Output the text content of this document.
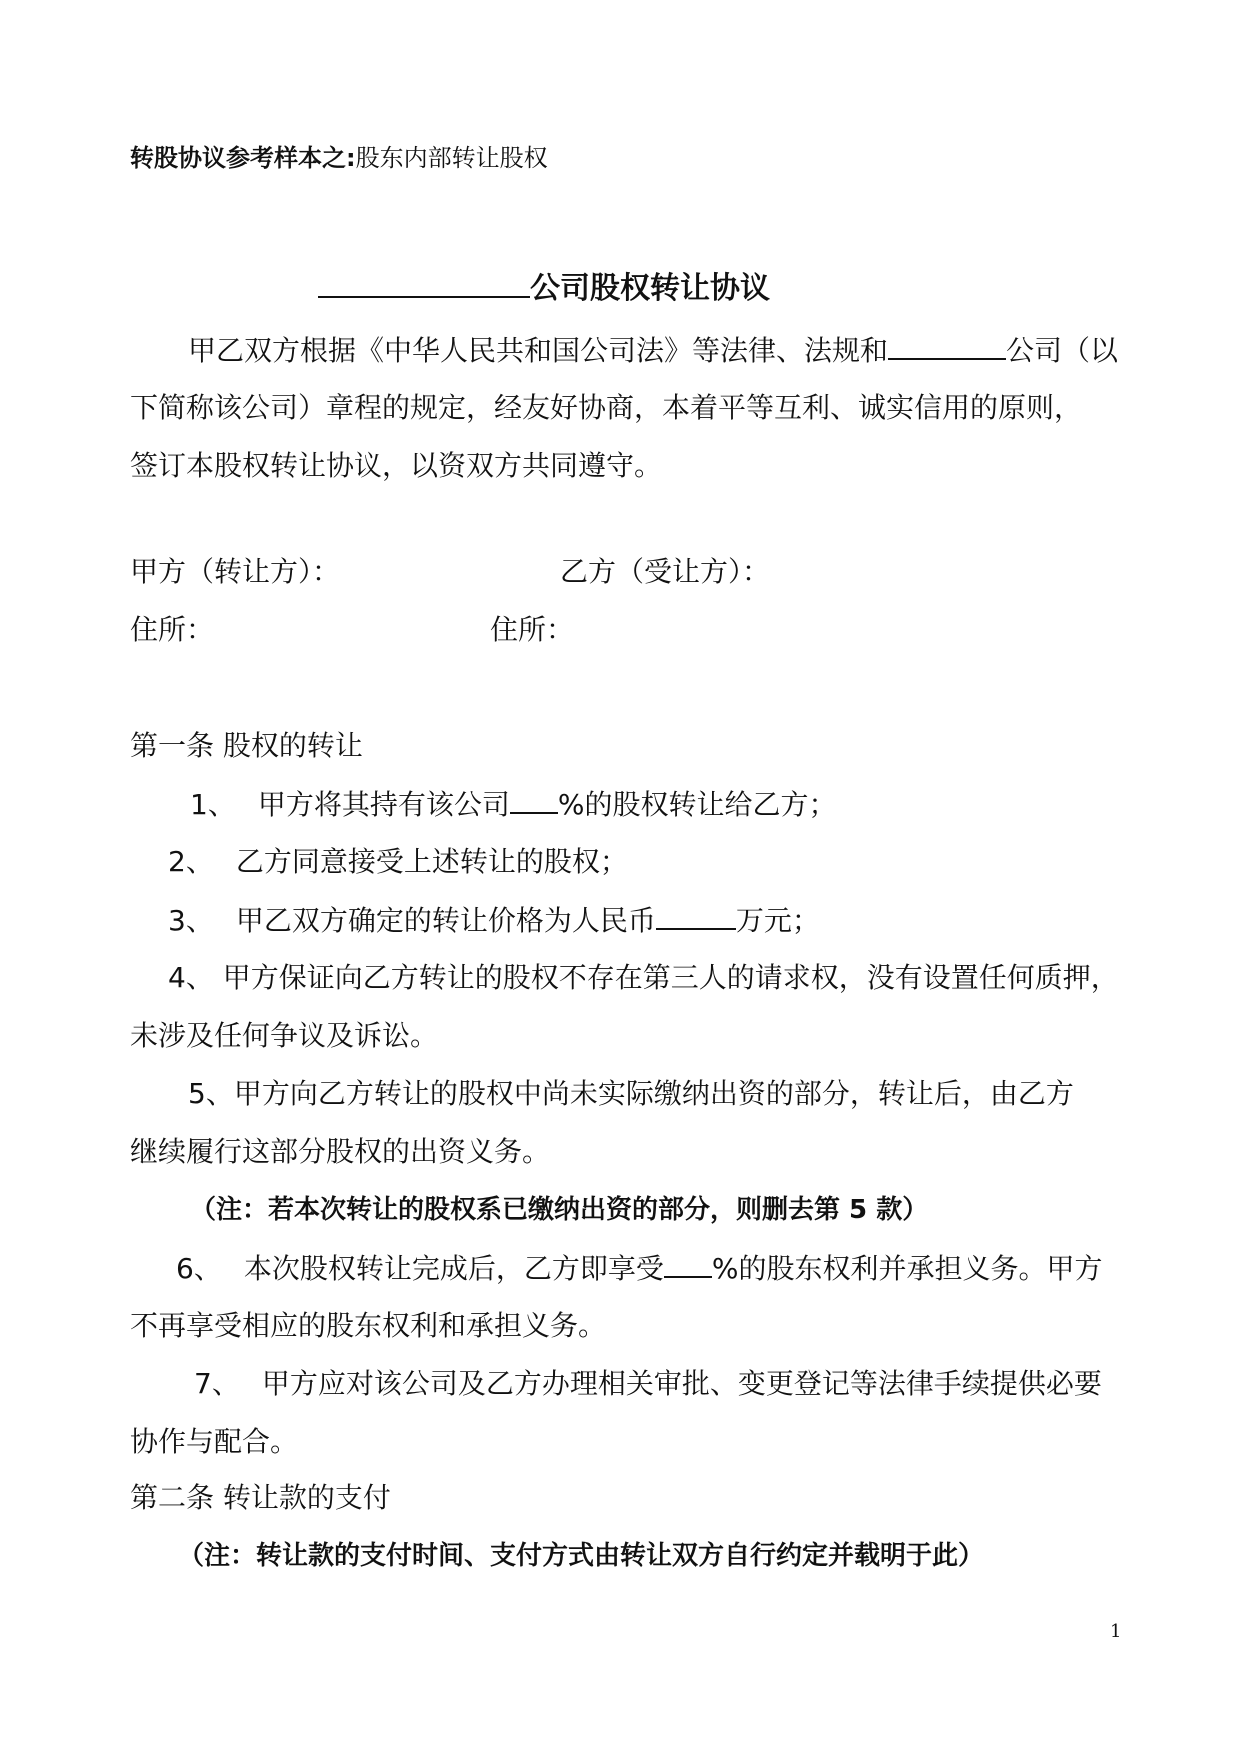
转股协议参考样本之:股东内部转让股权
公司股权转让协议
甲乙双方根据《中华人民共和国公司法》等法律、法规和	公司（以
下简称该公司）章程的规定，经友好协商，本着平等互利、诚实信用的原则，
签订本股权转让协议，以资双方共同遵守。
甲方（转让方）：	乙方（受让方）：
住所：	住所：
第一条 股权的转让
1、 甲方将其持有该公司 %的股权转让给乙方；
2、 乙方同意接受上述转让的股权；
3、 甲乙双方确定的转让价格为人民币	万元；
4、 甲方保证向乙方转让的股权不存在第三人的请求权，没有设置任何质押，
未涉及任何争议及诉讼。
5、甲方向乙方转让的股权中尚未实际缴纳出资的部分，转让后，由乙方
继续履行这部分股权的出资义务。
（注：若本次转让的股权系已缴纳出资的部分，则删去第 5 款）
6、 本次股权转让完成后，乙方即享受 %的股东权利并承担义务。甲方
不再享受相应的股东权利和承担义务。
7、 甲方应对该公司及乙方办理相关审批、变更登记等法律手续提供必要
协作与配合。
第二条 转让款的支付
（注：转让款的支付时间、支付方式由转让双方自行约定并载明于此）
1
